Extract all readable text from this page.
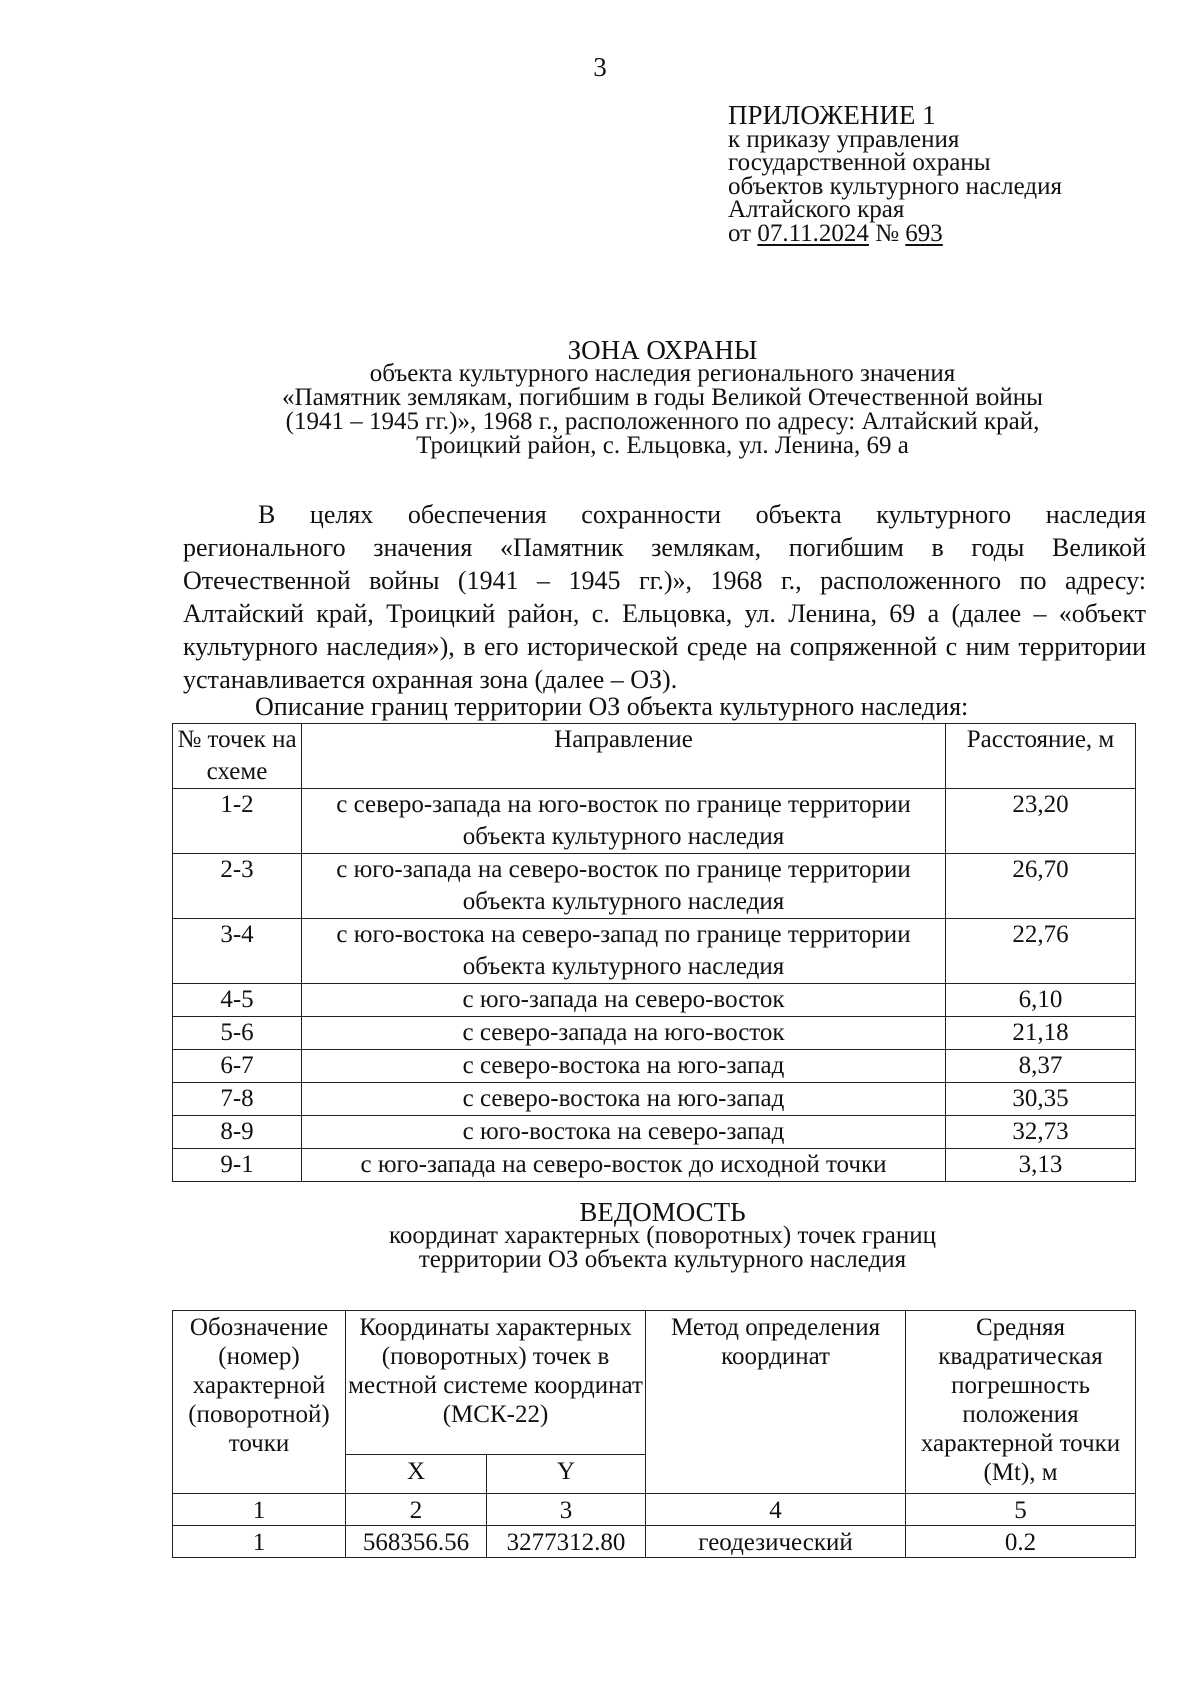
3
ПРИЛОЖЕНИЕ 1
к приказу управления
государственной охраны
объектов культурного наследия
Алтайского края
от 07.11.2024 № 693
ЗОНА ОХРАНЫ
объекта культурного наследия регионального значения
«Памятник землякам, погибшим в годы Великой Отечественной войны
(1941 – 1945 гг.)», 1968 г., расположенного по адресу: Алтайский край,
Троицкий район, с. Ельцовка, ул. Ленина, 69 а
В целях обеспечения сохранности объекта культурного наследия регионального значения «Памятник землякам, погибшим в годы Великой Отечественной войны (1941 – 1945 гг.)», 1968 г., расположенного по адресу: Алтайский край, Троицкий район, с. Ельцовка, ул. Ленина, 69 а (далее – «объект культурного наследия»), в его исторической среде на сопряженной с ним территории устанавливается охранная зона (далее – ОЗ).
Описание границ территории ОЗ объекта культурного наследия:
№ точек на схеме	Направление	Расстояние, м
1-2	с северо-запада на юго-восток по границе территории объекта культурного наследия	23,20
2-3	с юго-запада на северо-восток по границе территории объекта культурного наследия	26,70
3-4	с юго-востока на северо-запад по границе территории объекта культурного наследия	22,76
4-5	с юго-запада на северо-восток	6,10
5-6	с северо-запада на юго-восток	21,18
6-7	с северо-востока на юго-запад	8,37
7-8	с северо-востока на юго-запад	30,35
8-9	с юго-востока на северо-запад	32,73
9-1	с юго-запада на северо-восток до исходной точки	3,13
ВЕДОМОСТЬ
координат характерных (поворотных) точек границ
территории ОЗ объекта культурного наследия
Обозначение (номер) характерной (поворотной) точки	Координаты характерных (поворотных) точек в местной системе координат (МСК-22)		Метод определения координат	Средняя квадратическая погрешность положения характерной точки (Mt), м
	X	Y		
1	2	3	4	5
1	568356.56	3277312.80	геодезический	0.2
